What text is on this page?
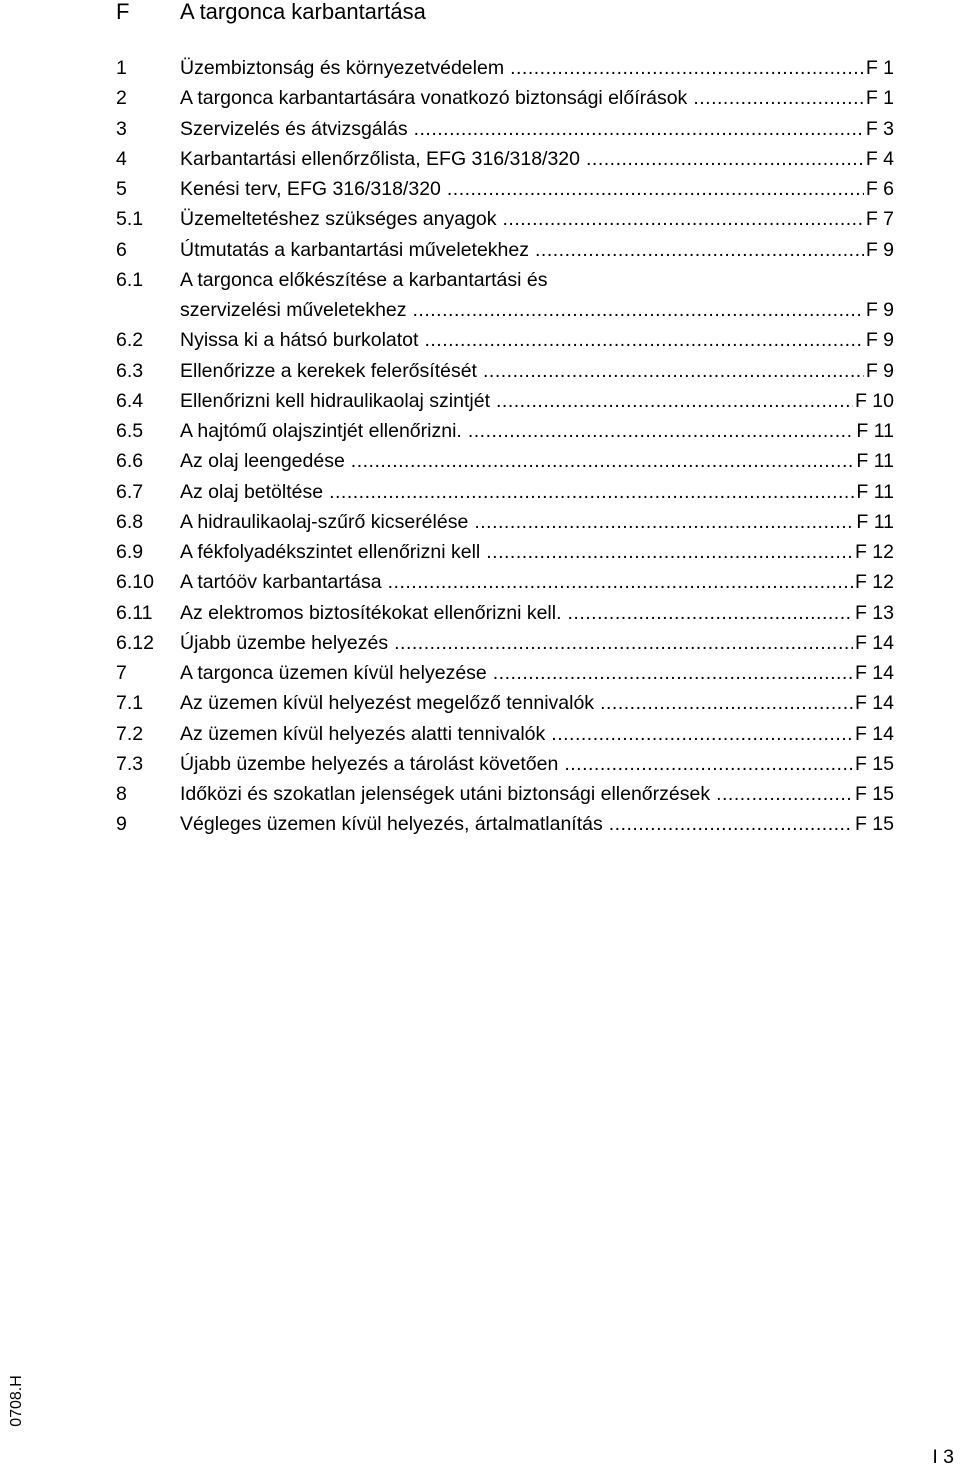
F A targonca karbantartása
1	Üzembiztonság és környezetvédelem .....	F 1
2	A targonca karbantartására vonatkozó biztonsági előírások .....	F 1
3	Szervizelés és átvizsgálás .....	F 3
4	Karbantartási ellenőrzőlista, EFG 316/318/320 .....	F 4
5	Kenési terv, EFG 316/318/320 .....	F 6
5.1 Üzemeltetéshez szükséges anyagok .....	F 7
6	Útmutatás a karbantartási műveletekhez .....	F 9
6.1 A targonca előkészítése a karbantartási és
szervizelési műveletekhez .....	F 9
6.2 Nyissa ki a hátsó burkolatot .....	F 9
6.3 Ellenőrizze a kerekek felerősítését .....	F 9
6.4 Ellenőrizni kell hidraulikaolaj szintjét .....	F 10
6.5 A hajtómű olajszintjét ellenőrizni. .....	F 11
6.6 Az olaj leengedése .....	F 11
6.7 Az olaj betöltése .....	F 11
6.8 A hidraulikaolaj-szűrő kicserélése .....	F 11
6.9 A fékfolyadékszintet ellenőrizni kell .....	F 12
6.10 A tartóöv karbantartása .....	F 12
6.11 Az elektromos biztosítékokat ellenőrizni kell. .....	F 13
6.12 Újabb üzembe helyezés .....	F 14
7	A targonca üzemen kívül helyezése .....	F 14
7.1 Az üzemen kívül helyezést megelőző tennivalók .....	F 14
7.2 Az üzemen kívül helyezés alatti tennivalók .....	F 14
7.3 Újabb üzembe helyezés a tárolást követően .....	F 15
8	Időközi és szokatlan jelenségek utáni biztonsági ellenőrzések .....	F 15
9	Végleges üzemen kívül helyezés, ártalmatlanítás .....	F 15
0708.H
I 3
